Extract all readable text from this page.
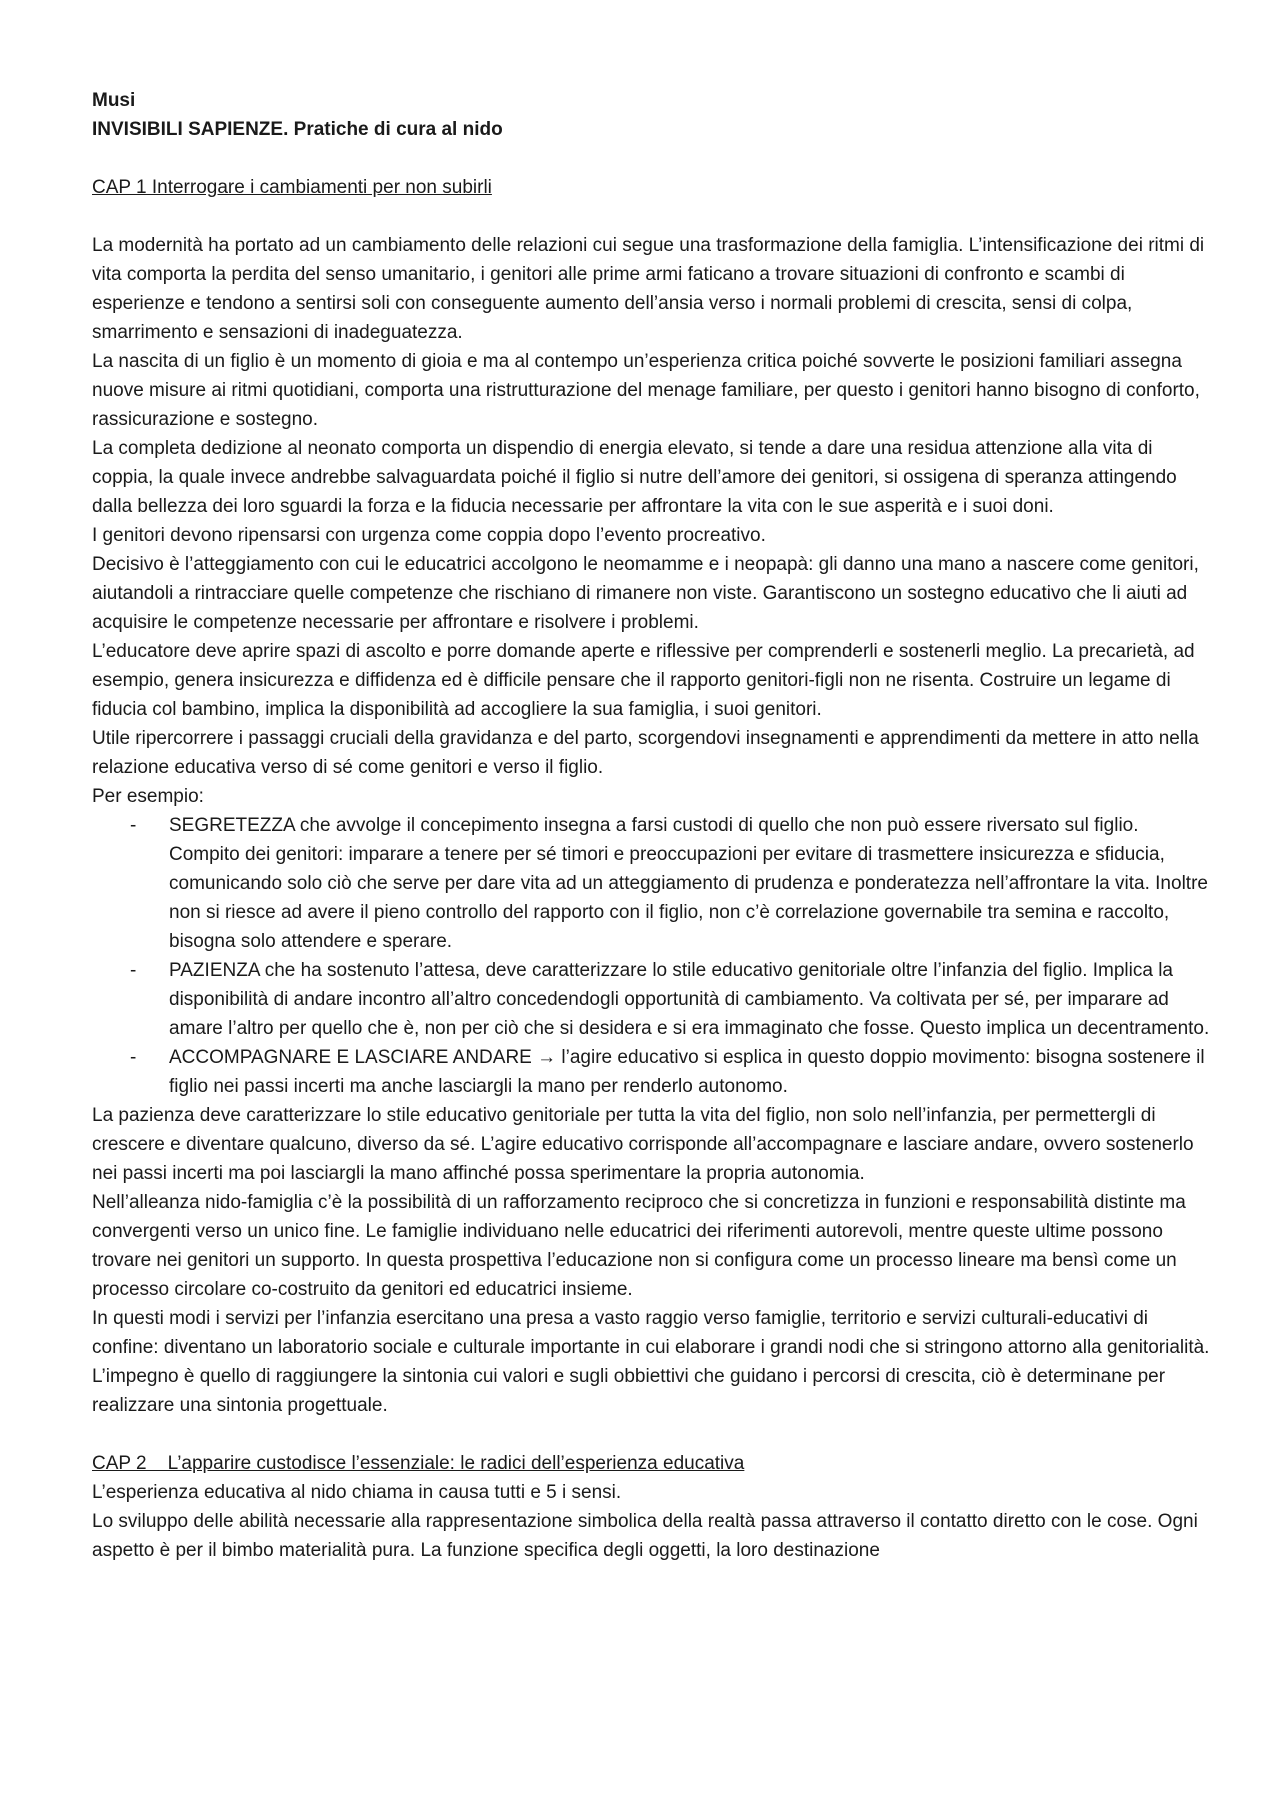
Musi
INVISIBILI SAPIENZE. Pratiche di cura al nido
CAP 1 Interrogare i cambiamenti per non subirli

La modernità ha portato ad un cambiamento delle relazioni cui segue una trasformazione della famiglia. L’intensificazione dei ritmi di vita comporta la perdita del senso umanitario, i genitori alle prime armi faticano a trovare situazioni di confronto e scambi di esperienze e tendono a sentirsi soli con conseguente aumento dell’ansia verso i normali problemi di crescita, sensi di colpa, smarrimento e sensazioni di inadeguatezza.

La nascita di un figlio è un momento di gioia e ma al contempo un’esperienza critica poiché sovverte le posizioni familiari assegna nuove misure ai ritmi quotidiani, comporta una ristrutturazione del menage familiare, per questo i genitori hanno bisogno di conforto, rassicurazione e sostegno.

La completa dedizione al neonato comporta un dispendio di energia elevato, si tende a dare una residua attenzione alla vita di coppia, la quale invece andrebbe salvaguardata poiché il figlio si nutre dell’amore dei genitori, si ossigena di speranza attingendo dalla bellezza dei loro sguardi la forza e la fiducia necessarie per affrontare la vita con le sue asperità e i suoi doni.

I genitori devono ripensarsi con urgenza come coppia dopo l’evento procreativo.

Decisivo è l’atteggiamento con cui le educatrici accolgono le neomamme e i neopapà: gli danno una mano a nascere come genitori, aiutandoli a rintracciare quelle competenze che rischiano di rimanere non viste. Garantiscono un sostegno educativo che li aiuti ad acquisire le competenze necessarie per affrontare e risolvere i problemi.

L’educatore deve aprire spazi di ascolto e porre domande aperte e riflessive per comprenderli e sostenerli meglio. La precarietà, ad esempio, genera insicurezza e diffidenza ed è difficile pensare che il rapporto genitori-figli non ne risenta. Costruire un legame di fiducia col bambino, implica la disponibilità ad accogliere la sua famiglia, i suoi genitori.

Utile ripercorrere i passaggi cruciali della gravidanza e del parto, scorgendovi insegnamenti e apprendimenti da mettere in atto nella relazione educativa verso di sé come genitori e verso il figlio.

Per esempio:

- SEGRETEZZA che avvolge il concepimento insegna a farsi custodi di quello che non può essere riversato sul figlio. Compito dei genitori: imparare a tenere per sé timori e preoccupazioni per evitare di trasmettere insicurezza e sfiducia, comunicando solo ciò che serve per dare vita ad un atteggiamento di prudenza e ponderatezza nell’affrontare la vita. Inoltre non si riesce ad avere il pieno controllo del rapporto con il figlio, non c’è correlazione governabile tra semina e raccolto, bisogna solo attendere e sperare.

- PAZIENZA che ha sostenuto l’attesa, deve caratterizzare lo stile educativo genitoriale oltre l’infanzia del figlio. Implica la disponibilità di andare incontro all’altro concedendogli opportunità di cambiamento. Va coltivata per sé, per imparare ad amare l’altro per quello che è, non per ciò che si desidera e si era immaginato che fosse. Questo implica un decentramento.

- ACCOMPAGNARE E LASCIARE ANDARE → l’agire educativo si esplica in questo doppio movimento: bisogna sostenere il figlio nei passi incerti ma anche lasciargli la mano per renderlo autonomo.

La pazienza deve caratterizzare lo stile educativo genitoriale per tutta la vita del figlio, non solo nell’infanzia, per permettergli di crescere e diventare qualcuno, diverso da sé. L’agire educativo corrisponde all’accompagnare e lasciare andare, ovvero sostenerlo nei passi incerti ma poi lasciargli la mano affinché possa sperimentare la propria autonomia.

Nell’alleanza nido-famiglia c’è la possibilità di un rafforzamento reciproco che si concretizza in funzioni e responsabilità distinte ma convergenti verso un unico fine. Le famiglie individuano nelle educatrici dei riferimenti autorevoli, mentre queste ultime possono trovare nei genitori un supporto. In questa prospettiva l’educazione non si configura come un processo lineare ma bensì come un processo circolare co-costruito da genitori ed educatrici insieme.

In questi modi i servizi per l’infanzia esercitano una presa a vasto raggio verso famiglie, territorio e servizi culturali-educativi di confine: diventano un laboratorio sociale e culturale importante in cui elaborare i grandi nodi che si stringono attorno alla genitorialità. L’impegno è quello di raggiungere la sintonia cui valori e sugli obbiettivi che guidano i percorsi di crescita, ciò è determinane per realizzare una sintonia progettuale.

CAP 2    L’apparire custodisce l’essenziale: le radici dell’esperienza educativa

L’esperienza educativa al nido chiama in causa tutti e 5 i sensi.

Lo sviluppo delle abilità necessarie alla rappresentazione simbolica della realtà passa attraverso il contatto diretto con le cose. Ogni aspetto è per il bimbo materialità pura. La funzione specifica degli oggetti, la loro destinazione
